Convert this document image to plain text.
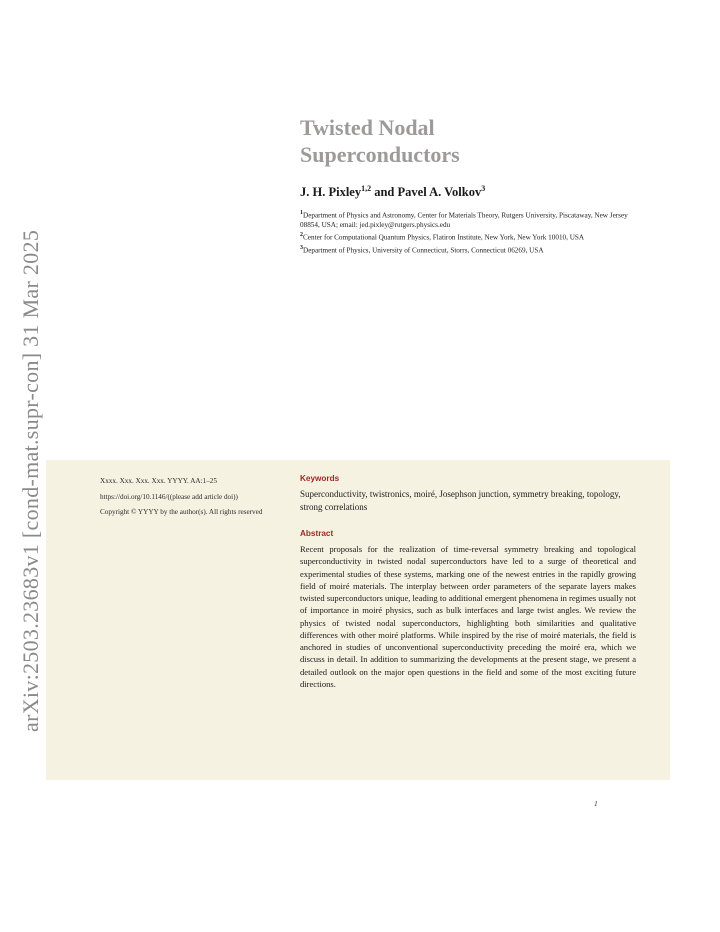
arXiv:2503.23683v1 [cond-mat.supr-con] 31 Mar 2025
Twisted Nodal
Superconductors
J. H. Pixley$^{1,2}$ and Pavel A. Volkov$^3$
$^1$Department of Physics and Astronomy, Center for Materials Theory, Rutgers University, Piscataway, New Jersey 08854, USA; email: jed.pixley@rutgers.physics.edu
$^2$Center for Computational Quantum Physics, Flatiron Institute, New York, New York 10010, USA
$^3$Department of Physics, University of Connecticut, Storrs, Connecticut 06269, USA
Xxxx. Xxx. Xxx. Xxx. YYYY. AA:1–25
https://doi.org/10.1146/((please add article doi))
Copyright © YYYY by the author(s). All rights reserved
Keywords
Superconductivity, twistronics, moiré, Josephson junction, symmetry breaking, topology, strong correlations
Abstract
Recent proposals for the realization of time-reversal symmetry breaking and topological superconductivity in twisted nodal superconductors have led to a surge of theoretical and experimental studies of these systems, marking one of the newest entries in the rapidly growing field of moiré materials. The interplay between order parameters of the separate layers makes twisted superconductors unique, leading to additional emergent phenomena in regimes usually not of importance in moiré physics, such as bulk interfaces and large twist angles. We review the physics of twisted nodal superconductors, highlighting both similarities and qualitative differences with other moiré platforms. While inspired by the rise of moiré materials, the field is anchored in studies of unconventional superconductivity preceding the moiré era, which we discuss in detail. In addition to summarizing the developments at the present stage, we present a detailed outlook on the major open questions in the field and some of the most exciting future directions.
1
